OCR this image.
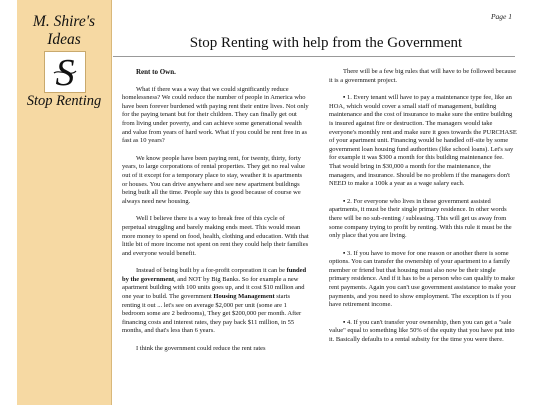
M. Shire's
Ideas
S
Stop Renting
Page 1
Stop Renting with help from the Government

Rent to Own.

What if there was a way that we could significantly reduce homelessness? We could reduce the number of people in America who have been forever burdened with paying rent their entire lives. Not only for the paying tenant but for their children. They can finally get out from living under poverty, and can achieve some generational wealth and value from years of hard work. What if you could be rent free in as fast as 10 years?

We know people have been paying rent, for twenty, thirty, forty years, to large corporations of rental properties. They get no real value out of it except for a temporary place to stay, weather it is apartments or houses. You can drive anywhere and see new apartment buildings being built all the time. People say this is good because of course we always need new housing.

Well I believe there is a way to break free of this cycle of perpetual struggling and barely making ends meet. This would mean more money to spend on food, health, clothing and education. With that little bit of more income not spent on rent they could help their families and everyone would benefit.

Instead of being built by a for-profit corporation it can be funded by the government, and NOT by Big Banks. So for example a new apartment building with 100 units goes up, and it cost $10 million and one year to build. The government Housing Management starts renting it out ... let's see on average $2,000 per unit (some are 1 bedroom some are 2 bedrooms), They get $200,000 per month. After financing costs and interest rates, they pay back $11 million, in 55 months, and that's less than 6 years.

I think the government could reduce the rent rates

There will be a few big rules that will have to be followed because it is a government project.

▪ 1. Every tenant will have to pay a maintenance type fee, like an HOA, which would cover a small staff of management, building maintenance and the cost of insurance to make sure the entire building is insured against fire or destruction. The managers would take everyone's monthly rent and make sure it goes towards the PURCHASE of your apartment unit. Financing would be handled off-site by some government loan housing fund authorities (like school loans). Let's say for example it was $300 a month for this building maintenance fee. That would bring in $30,000 a month for the maintenance, the managers, and insurance. Should be no problem if the managers don't NEED to make a 100k a year as a wage salary each.

▪ 2. For everyone who lives in these government assisted apartments, it must be their single primary residence. In other words there will be no sub-renting / subleasing. This will get us away from some company trying to profit by renting. With this rule it must be the only place that you are living.

▪ 3. If you have to move for one reason or another there is some options. You can transfer the ownership of your apartment to a family member or friend but that housing must also now be their single primary residence. And if it has to be a person who can qualify to make rent payments. Again you can't use government assistance to make your payments, and you need to show employment. The exception is if you have retirement income.

▪ 4. If you can't transfer your ownership, then you can get a "sale value" equal to something like 50% of the equity that you have put into it. Basically defaults to a rental subsity for the time you were there.
